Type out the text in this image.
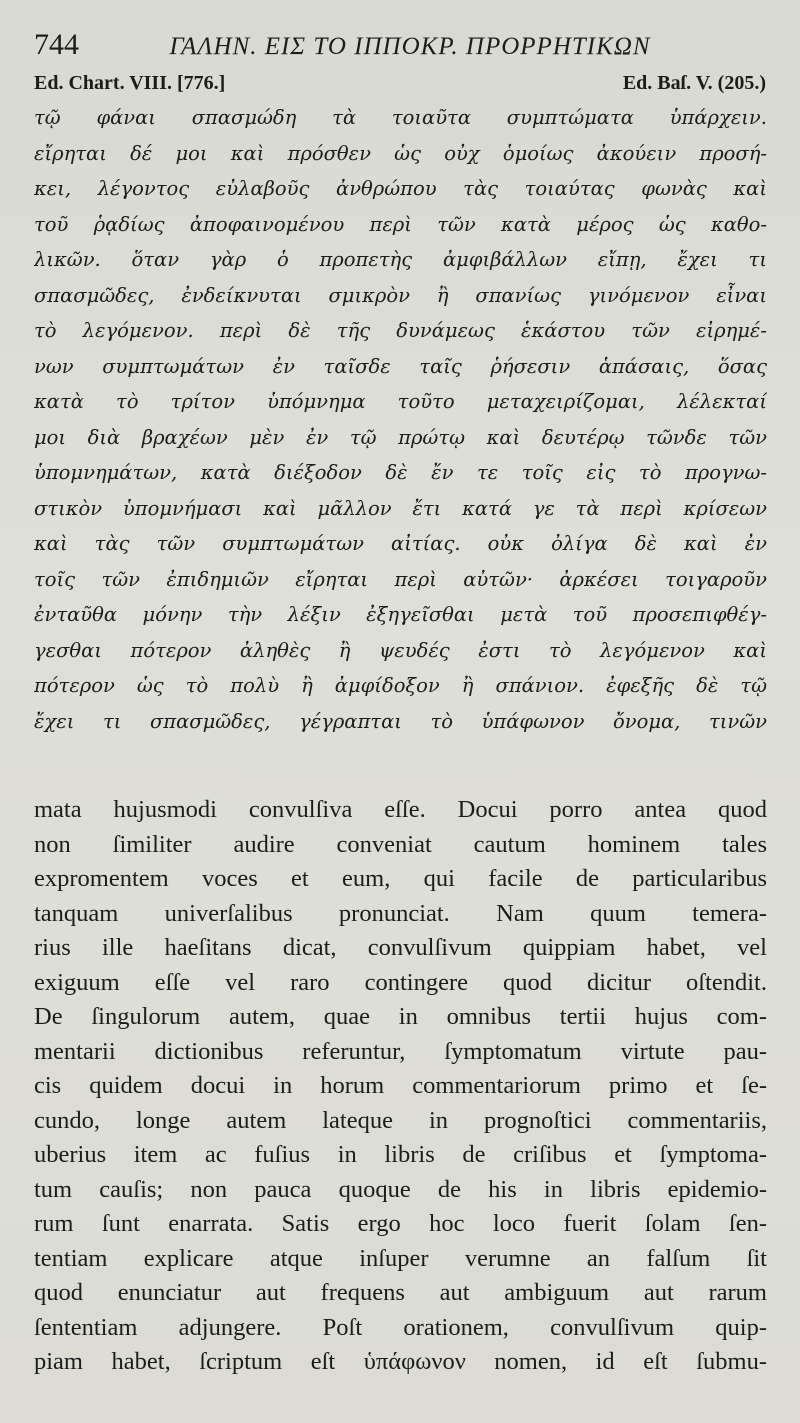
744	ΓΑΛΗΝ. ΕΙΣ ΤΟ ΙΠΠΟΚΡ. ΠΡΟΡΡΗΤΙΚΩΝ
Ed. Chart. VIII. [776.]	Ed. Baſ. V. (205.)
τῷ φάναι σπασμώδη τὰ τοιαῦτα συμπτώματα ὑπάρχειν.
εἴρηται δέ μοι καὶ πρόσθεν ὡς οὐχ ὁμοίως ἀκούειν προσή-
κει, λέγοντος εὐλαβοῦς ἀνθρώπου τὰς τοιαύτας φωνὰς καὶ
τοῦ ῥᾳδίως ἀποφαινομένου περὶ τῶν κατὰ μέρος ὡς καθο-
λικῶν. ὅταν γὰρ ὁ προπετὴς ἀμφιβάλλων εἴπῃ, ἔχει τι
σπασμῶδες, ἐνδείκνυται σμικρὸν ἢ σπανίως γινόμενον εἶναι
τὸ λεγόμενον. περὶ δὲ τῆς δυνάμεως ἑκάστου τῶν εἰρημέ-
νων συμπτωμάτων ἐν ταῖσδε ταῖς ῥήσεσιν ἁπάσαις, ὅσας
κατὰ τὸ τρίτον ὑπόμνημα τοῦτο μεταχειρίζομαι, λέλεκταί
μοι διὰ βραχέων μὲν ἐν τῷ πρώτῳ καὶ δευτέρῳ τῶνδε τῶν
ὑπομνημάτων, κατὰ διέξοδον δὲ ἔν τε τοῖς εἰς τὸ προγνω-
στικὸν ὑπομνήμασι καὶ μᾶλλον ἔτι κατά γε τὰ περὶ κρίσεων
καὶ τὰς τῶν συμπτωμάτων αἰτίας. οὐκ ὀλίγα δὲ καὶ ἐν
τοῖς τῶν ἐπιδημιῶν εἴρηται περὶ αὐτῶν· ἀρκέσει τοιγαροῦν
ἐνταῦθα μόνην τὴν λέξιν ἐξηγεῖσθαι μετὰ τοῦ προσεπιφθέγ-
γεσθαι πότερον ἀληθὲς ἢ ψευδές ἐστι τὸ λεγόμενον καὶ
πότερον ὡς τὸ πολὺ ἢ ἀμφίδοξον ἢ σπάνιον. ἐφεξῆς δὲ τῷ
ἔχει τι σπασμῶδες, γέγραπται τὸ ὑπάφωνον ὄνομα, τινῶν
mata hujusmodi convulſiva eſſe. Docui porro antea quod
non ſimiliter audire conveniat cautum hominem tales
expromentem voces et eum, qui facile de particularibus
tanquam univerſalibus pronunciat. Nam quum temera-
rius ille haeſitans dicat, convulſivum quippiam habet, vel
exiguum eſſe vel raro contingere quod dicitur oſtendit.
De ſingulorum autem, quae in omnibus tertii hujus com-
mentarii dictionibus referuntur, ſymptomatum virtute pau-
cis quidem docui in horum commentariorum primo et ſe-
cundo, longe autem lateque in prognoſtici commentariis,
uberius item ac fuſius in libris de criſibus et ſymptoma-
tum cauſis; non pauca quoque de his in libris epidemio-
rum ſunt enarrata. Satis ergo hoc loco fuerit ſolam ſen-
tentiam explicare atque inſuper verumne an falſum ſit
quod enunciatur aut frequens aut ambiguum aut rarum
ſententiam adjungere. Poſt orationem, convulſivum quip-
piam habet, ſcriptum eſt ὑπάφωνον nomen, id eſt ſubmu-
